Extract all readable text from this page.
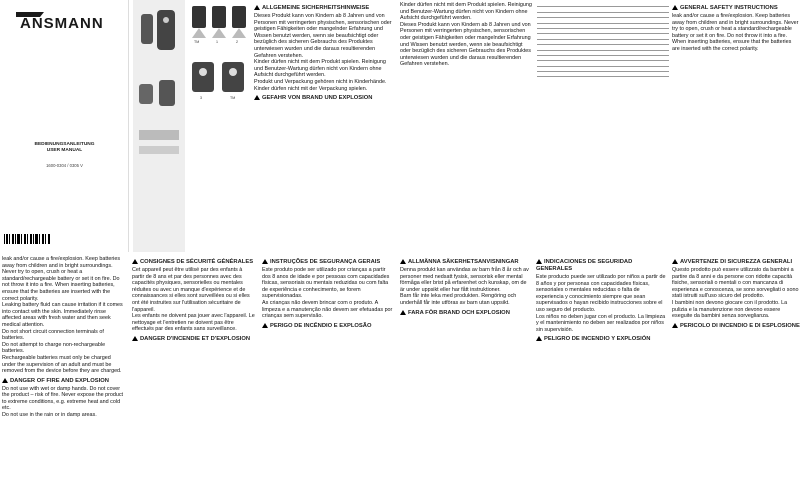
ANSMANN
BEDIENUNGSANLEITUNG
USER MANUAL
1600-0304 / 0305 V
TM	1	2
3	TM
ALLGEMEINE SICHERHEITSHINWEISE
Dieses Produkt kann von Kindern ab 8 Jahren und von Personen mit verringerten physischen, sensorischen oder geistigen Fähigkeiten oder mangelnder Erfahrung und Wissen benutzt werden, wenn sie beaufsichtigt oder bezüglich des sicheren Gebrauchs des Produktes unterwiesen wurden und die daraus resultierenden Gefahren verstehen.
Kinder dürfen nicht mit dem Produkt spielen. Reinigung und Benutzer-Wartung dürfen nicht von Kindern ohne Aufsicht durchgeführt werden.
Produkt und Verpackung gehören nicht in Kinderhände. Kinder dürfen nicht mit der Verpackung spielen.
GEFAHR VON BRAND UND EXPLOSION
Kinder dürfen nicht mit dem Produkt spielen. Reinigung und Benutzer-Wartung dürfen nicht von Kindern ohne Aufsicht durchgeführt werden.
Dieses Produkt kann von Kindern ab 8 Jahren und von Personen mit verringerten physischen, sensorischen oder geistigen Fähigkeiten oder mangelnder Erfahrung und Wissen benutzt werden, wenn sie beaufsichtigt oder bezüglich des sicheren Gebrauchs des Produktes unterwiesen wurden und die daraus resultierenden Gefahren verstehen.
GENERAL SAFETY INSTRUCTIONS
leak and/or cause a fire/explosion. Keep batteries away from children and in bright surroundings. Never try to open, crush or heat a standard/rechargeable battery or set it on fire. Do not throw it into a fire. When inserting batteries, ensure that the batteries are inserted with the correct polarity.
leak and/or cause a fire/explosion. Keep batteries away from children and in bright surroundings. Never try to open, crush or heat a standard/rechargeable battery or set it on fire. Do not throw it into a fire. When inserting batteries, ensure that the batteries are inserted with the correct polarity.
Leaking battery fluid can cause irritation if it comes into contact with the skin. Immediately rinse affected areas with fresh water and then seek medical attention.
Do not short circuit connection terminals of batteries.
Do not attempt to charge non-rechargeable batteries.
Rechargeable batteries must only be charged under the supervision of an adult and must be removed from the device before they are charged.
DANGER OF FIRE AND EXPLOSION
Do not use with wet or damp hands. Do not cover the product – risk of fire. Never expose the product to extreme conditions, e.g. extreme heat and cold etc.
Do not use in the rain or in damp areas.
CONSIGNES DE SÉCURITÉ GÉNÉRALES
Cet appareil peut être utilisé par des enfants à partir de 8 ans et par des personnes avec des capacités physiques, sensorielles ou mentales réduites ou avec un manque d'expérience et de connaissances si elles sont surveillées ou si elles ont été instruites sur l'utilisation sécuritaire de l'appareil.
Les enfants ne doivent pas jouer avec l'appareil. Le nettoyage et l'entretien ne doivent pas être effectués par des enfants sans surveillance.
DANGER D'INCENDIE ET D'EXPLOSION
INSTRUÇÕES DE SEGURANÇA GERAIS
Este produto pode ser utilizado por crianças a partir dos 8 anos de idade e por pessoas com capacidades físicas, sensoriais ou mentais reduzidas ou com falta de experiência e conhecimento, se forem supervisionadas.
As crianças não devem brincar com o produto. A limpeza e a manutenção não devem ser efetuadas por crianças sem supervisão.
PERIGO DE INCÊNDIO E EXPLOSÃO
ALLMÄNNA SÄKERHETSANVISNINGAR
Denna produkt kan användas av barn från 8 år och av personer med nedsatt fysisk, sensorisk eller mental förmåga eller brist på erfarenhet och kunskap, om de är under uppsikt eller har fått instruktioner.
Barn får inte leka med produkten. Rengöring och underhåll får inte utföras av barn utan uppsikt.
FARA FÖR BRAND OCH EXPLOSION
INDICACIONES DE SEGURIDAD GENERALES
Este producto puede ser utilizado por niños a partir de 8 años y por personas con capacidades físicas, sensoriales o mentales reducidas o falta de experiencia y conocimiento siempre que sean supervisados o hayan recibido instrucciones sobre el uso seguro del producto.
Los niños no deben jugar con el producto. La limpieza y el mantenimiento no deben ser realizados por niños sin supervisión.
PELIGRO DE INCENDIO Y EXPLOSIÓN
AVVERTENZE DI SICUREZZA GENERALI
Questo prodotto può essere utilizzato da bambini a partire da 8 anni e da persone con ridotte capacità fisiche, sensoriali o mentali o con mancanza di esperienza e conoscenza, se sono sorvegliati o sono stati istruiti sull'uso sicuro del prodotto.
I bambini non devono giocare con il prodotto. La pulizia e la manutenzione non devono essere eseguite da bambini senza sorveglianza.
PERICOLO DI INCENDIO E DI ESPLOSIONE
